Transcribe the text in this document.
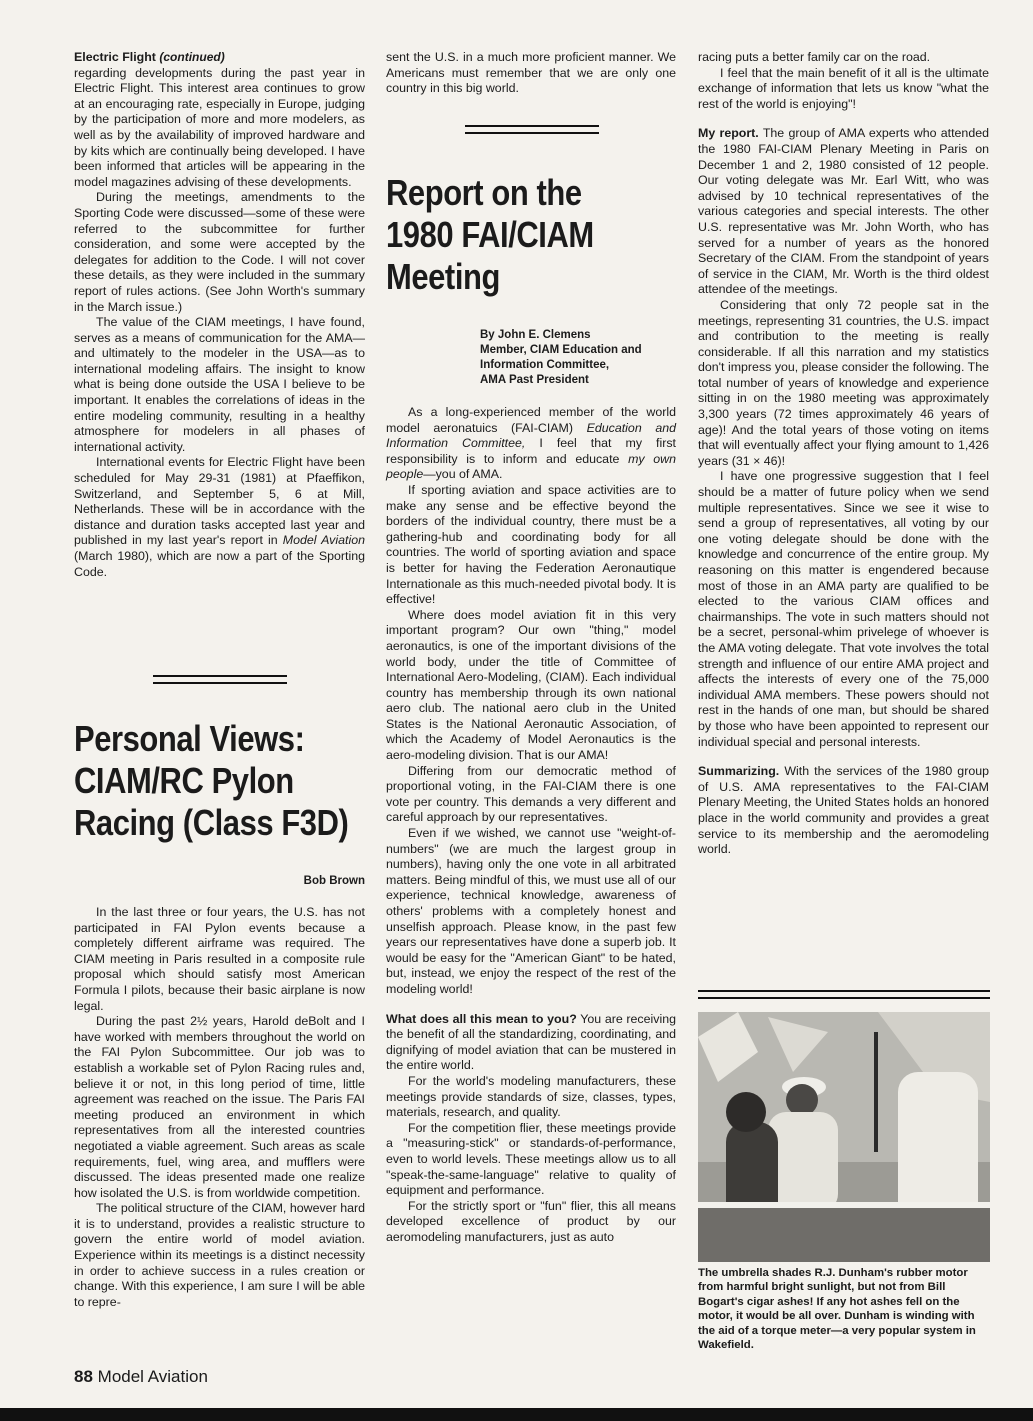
Electric Flight (continued)

regarding developments during the past year in Electric Flight. This interest area continues to grow at an encouraging rate, especially in Europe, judging by the participation of more and more modelers, as well as by the availability of improved hardware and by kits which are continually being developed. I have been informed that articles will be appearing in the model magazines advising of these developments.

During the meetings, amendments to the Sporting Code were discussed—some of these were referred to the subcommittee for further consideration, and some were accepted by the delegates for addition to the Code. I will not cover these details, as they were included in the summary report of rules actions. (See John Worth's summary in the March issue.)

The value of the CIAM meetings, I have found, serves as a means of communication for the AMA—and ultimately to the modeler in the USA—as to international modeling affairs. The insight to know what is being done outside the USA I believe to be important. It enables the correlations of ideas in the entire modeling community, resulting in a healthy atmosphere for modelers in all phases of international activity.

International events for Electric Flight have been scheduled for May 29-31 (1981) at Pfaeffikon, Switzerland, and September 5, 6 at Mill, Netherlands. These will be in accordance with the distance and duration tasks accepted last year and published in my last year's report in Model Aviation (March 1980), which are now a part of the Sporting Code.

Personal Views: CIAM/RC Pylon Racing (Class F3D)

Bob Brown

In the last three or four years, the U.S. has not participated in FAI Pylon events because a completely different airframe was required. The CIAM meeting in Paris resulted in a composite rule proposal which should satisfy most American Formula I pilots, because their basic airplane is now legal.

During the past 2½ years, Harold deBolt and I have worked with members throughout the world on the FAI Pylon Subcommittee. Our job was to establish a workable set of Pylon Racing rules and, believe it or not, in this long period of time, little agreement was reached on the issue. The Paris FAI meeting produced an environment in which representatives from all the interested countries negotiated a viable agreement. Such areas as scale requirements, fuel, wing area, and mufflers were discussed. The ideas presented made one realize how isolated the U.S. is from worldwide competition.

The political structure of the CIAM, however hard it is to understand, provides a realistic structure to govern the entire world of model aviation. Experience within its meetings is a distinct necessity in order to achieve success in a rules creation or change. With this experience, I am sure I will be able to repre-

sent the U.S. in a much more proficient manner. We Americans must remember that we are only one country in this big world.

Report on the 1980 FAI/CIAM Meeting

By John E. Clemens

Member, CIAM Education and

Information Committee,

AMA Past President

As a long-experienced member of the world model aeronatuics (FAI-CIAM) Education and Information Committee, I feel that my first responsibility is to inform and educate my own people—you of AMA.

If sporting aviation and space activities are to make any sense and be effective beyond the borders of the individual country, there must be a gathering-hub and coordinating body for all countries. The world of sporting aviation and space is better for having the Federation Aeronautique Internationale as this much-needed pivotal body. It is effective!

Where does model aviation fit in this very important program? Our own "thing," model aeronautics, is one of the important divisions of the world body, under the title of Committee of International Aero-Modeling, (CIAM). Each individual country has membership through its own national aero club. The national aero club in the United States is the National Aeronautic Association, of which the Academy of Model Aeronautics is the aero-modeling division. That is our AMA!

Differing from our democratic method of proportional voting, in the FAI-CIAM there is one vote per country. This demands a very different and careful approach by our representatives.

Even if we wished, we cannot use "weight-of-numbers" (we are much the largest group in numbers), having only the one vote in all arbitrated matters. Being mindful of this, we must use all of our experience, technical knowledge, awareness of others' problems with a completely honest and unselfish approach. Please know, in the past few years our representatives have done a superb job. It would be easy for the "American Giant" to be hated, but, instead, we enjoy the respect of the rest of the modeling world!

What does all this mean to you? You are receiving the benefit of all the standardizing, coordinating, and dignifying of model aviation that can be mustered in the entire world.

For the world's modeling manufacturers, these meetings provide standards of size, classes, types, materials, research, and quality.

For the competition flier, these meetings provide a "measuring-stick" or standards-of-performance, even to world levels. These meetings allow us to all "speak-the-same-language" relative to quality of equipment and performance.

For the strictly sport or "fun" flier, this all means developed excellence of product by our aeromodeling manufacturers, just as auto

racing puts a better family car on the road.

I feel that the main benefit of it all is the ultimate exchange of information that lets us know "what the rest of the world is enjoying"!

My report. The group of AMA experts who attended the 1980 FAI-CIAM Plenary Meeting in Paris on December 1 and 2, 1980 consisted of 12 people. Our voting delegate was Mr. Earl Witt, who was advised by 10 technical representatives of the various categories and special interests. The other U.S. representative was Mr. John Worth, who has served for a number of years as the honored Secretary of the CIAM. From the standpoint of years of service in the CIAM, Mr. Worth is the third oldest attendee of the meetings.

Considering that only 72 people sat in the meetings, representing 31 countries, the U.S. impact and contribution to the meeting is really considerable. If all this narration and my statistics don't impress you, please consider the following. The total number of years of knowledge and experience sitting in on the 1980 meeting was approximately 3,300 years (72 times approximately 46 years of age)! And the total years of those voting on items that will eventually affect your flying amount to 1,426 years (31 × 46)!

I have one progressive suggestion that I feel should be a matter of future policy when we send multiple representatives. Since we see it wise to send a group of representatives, all voting by our one voting delegate should be done with the knowledge and concurrence of the entire group. My reasoning on this matter is engendered because most of those in an AMA party are qualified to be elected to the various CIAM offices and chairmanships. The vote in such matters should not be a secret, personal-whim privelege of whoever is the AMA voting delegate. That vote involves the total strength and influence of our entire AMA project and affects the interests of every one of the 75,000 individual AMA members. These powers should not rest in the hands of one man, but should be shared by those who have been appointed to represent our individual special and personal interests.

Summarizing. With the services of the 1980 group of U.S. AMA representatives to the FAI-CIAM Plenary Meeting, the United States holds an honored place in the world community and provides a great service to its membership and the aeromodeling world.

The umbrella shades R.J. Dunham's rubber motor from harmful bright sunlight, but not from Bill Bogart's cigar ashes! If any hot ashes fell on the motor, it would be all over. Dunham is winding with the aid of a torque meter—a very popular system in Wakefield.

88 Model Aviation
